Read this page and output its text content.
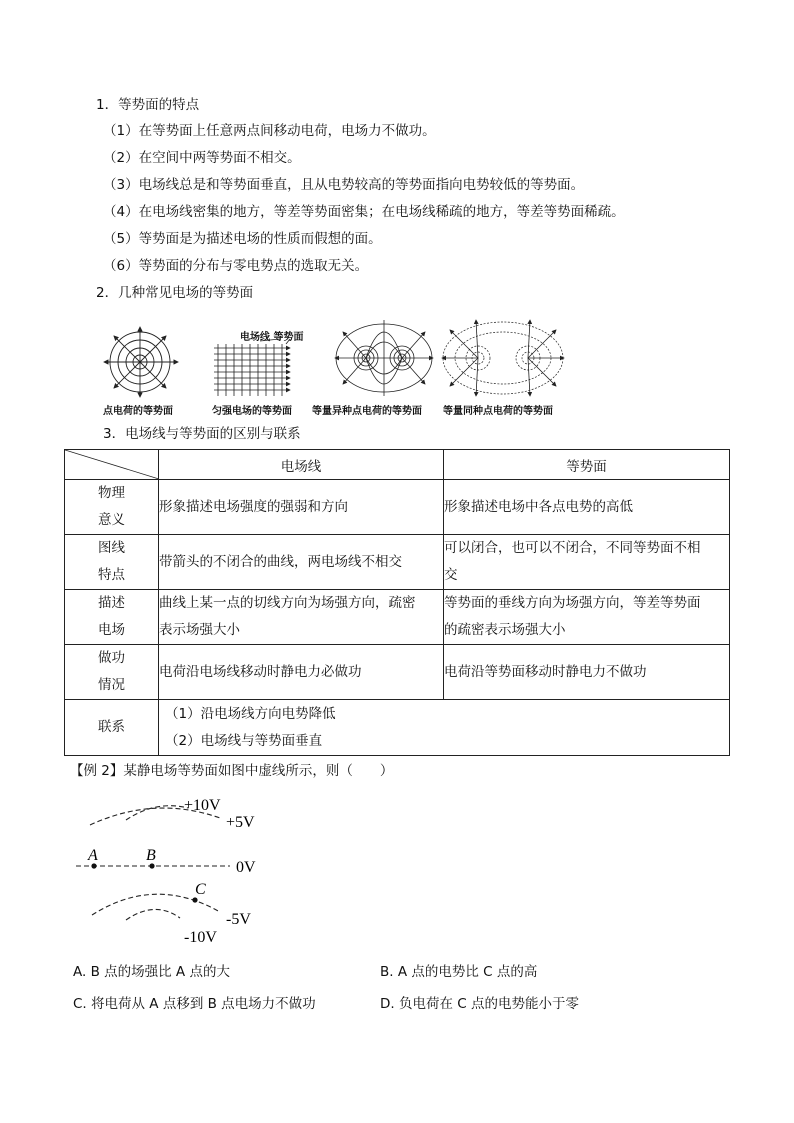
1．等势面的特点
（1）在等势面上任意两点间移动电荷，电场力不做功。
（2）在空间中两等势面不相交。
（3）电场线总是和等势面垂直，且从电势较高的等势面指向电势较低的等势面。
（4）在电场线密集的地方，等差等势面密集；在电场线稀疏的地方，等差等势面稀疏。
（5）等势面是为描述电场的性质而假想的面。
（6）等势面的分布与零电势点的选取无关。
2．几种常见电场的等势面
点电荷的等势面
电场线 等势面
匀强电场的等势面 等量异种点电荷的等势面 等量同种点电荷的等势面
3．电场线与等势面的区别与联系
	电场线	等势面
物理
意义	形象描述电场强度的强弱和方向	形象描述电场中各点电势的高低
图线
特点	带箭头的不闭合的曲线，两电场线不相交	可以闭合，也可以不闭合，不同等势面不相
交
描述
电场	曲线上某一点的切线方向为场强方向，疏密
表示场强大小	等势面的垂线方向为场强方向，等差等势面
的疏密表示场强大小
做功
情况	电荷沿电场线移动时静电力必做功	电荷沿等势面移动时静电力不做功
联系	（1）沿电场线方向电势降低
（2）电场线与等势面垂直	
【例 2】某静电场等势面如图中虚线所示，则（　　）
+10V
+5V
0V
-5V
-10V
A	B
C
A. B 点的场强比 A 点的大	B. A 点的电势比 C 点的高
C. 将电荷从 A 点移到 B 点电场力不做功	D. 负电荷在 C 点的电势能小于零
